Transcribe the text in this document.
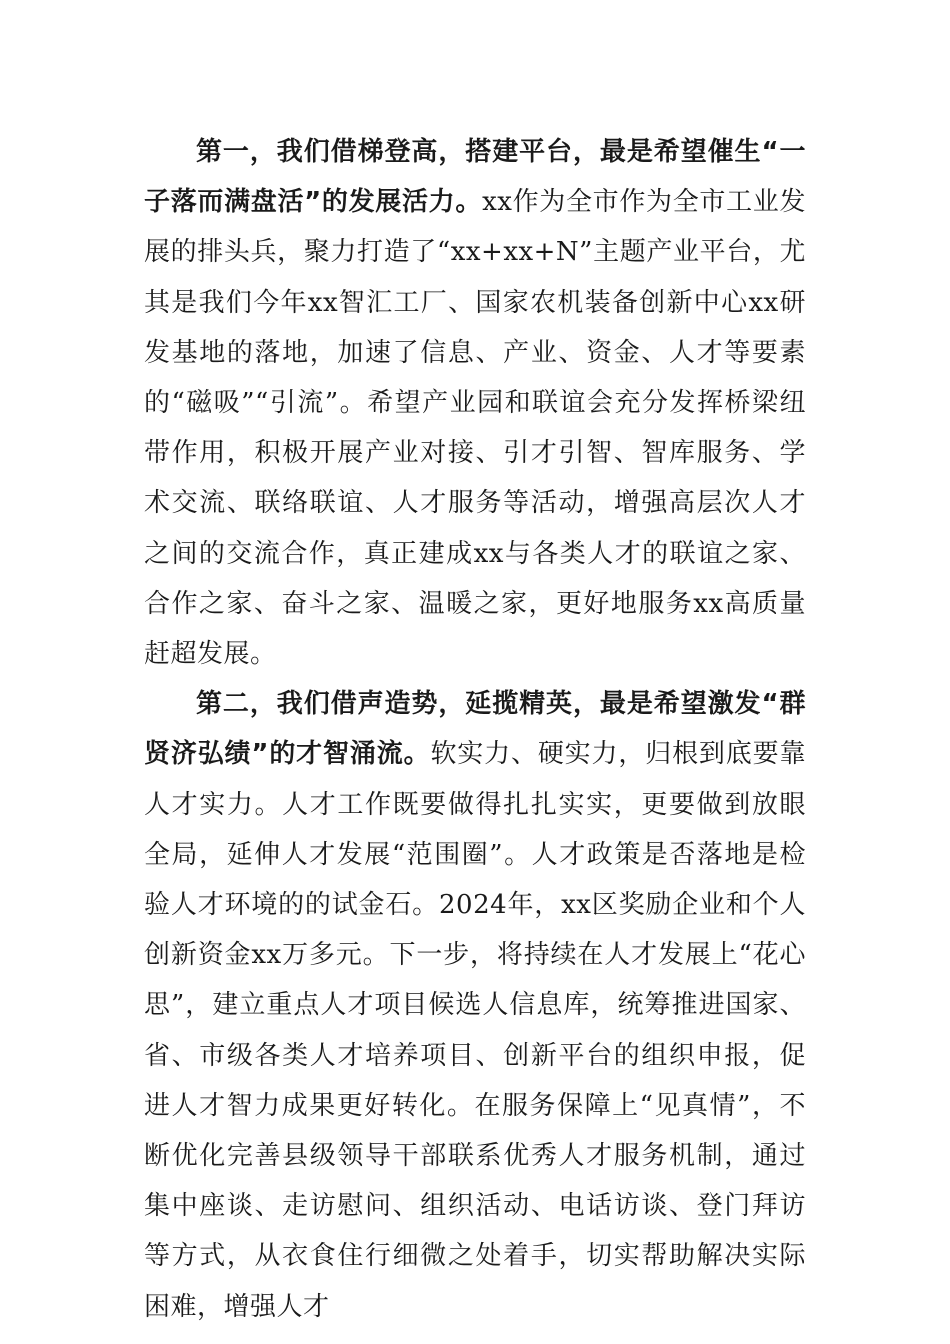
第一，我们借梯登高，搭建平台，最是希望催生“一子落而满盘活”的发展活力。xx作为全市作为全市工业发展的排头兵，聚力打造了“xx+xx+N”主题产业平台，尤其是我们今年xx智汇工厂、国家农机装备创新中心xx研发基地的落地，加速了信息、产业、资金、人才等要素的“磁吸”“引流”。希望产业园和联谊会充分发挥桥梁纽带作用，积极开展产业对接、引才引智、智库服务、学术交流、联络联谊、人才服务等活动，增强高层次人才之间的交流合作，真正建成xx与各类人才的联谊之家、合作之家、奋斗之家、温暖之家，更好地服务xx高质量赶超发展。

第二，我们借声造势，延揽精英，最是希望激发“群贤济弘绩”的才智涌流。软实力、硬实力，归根到底要靠人才实力。人才工作既要做得扎扎实实，更要做到放眼全局，延伸人才发展“范围圈”。人才政策是否落地是检验人才环境的的试金石。2024年，xx区奖励企业和个人创新资金xx万多元。下一步，将持续在人才发展上“花心思”，建立重点人才项目候选人信息库，统筹推进国家、省、市级各类人才培养项目、创新平台的组织申报，促进人才智力成果更好转化。在服务保障上“见真情”，不断优化完善县级领导干部联系优秀人才服务机制，通过集中座谈、走访慰问、组织活动、电话访谈、登门拜访等方式，从衣食住行细微之处着手，切实帮助解决实际困难，增强人才
